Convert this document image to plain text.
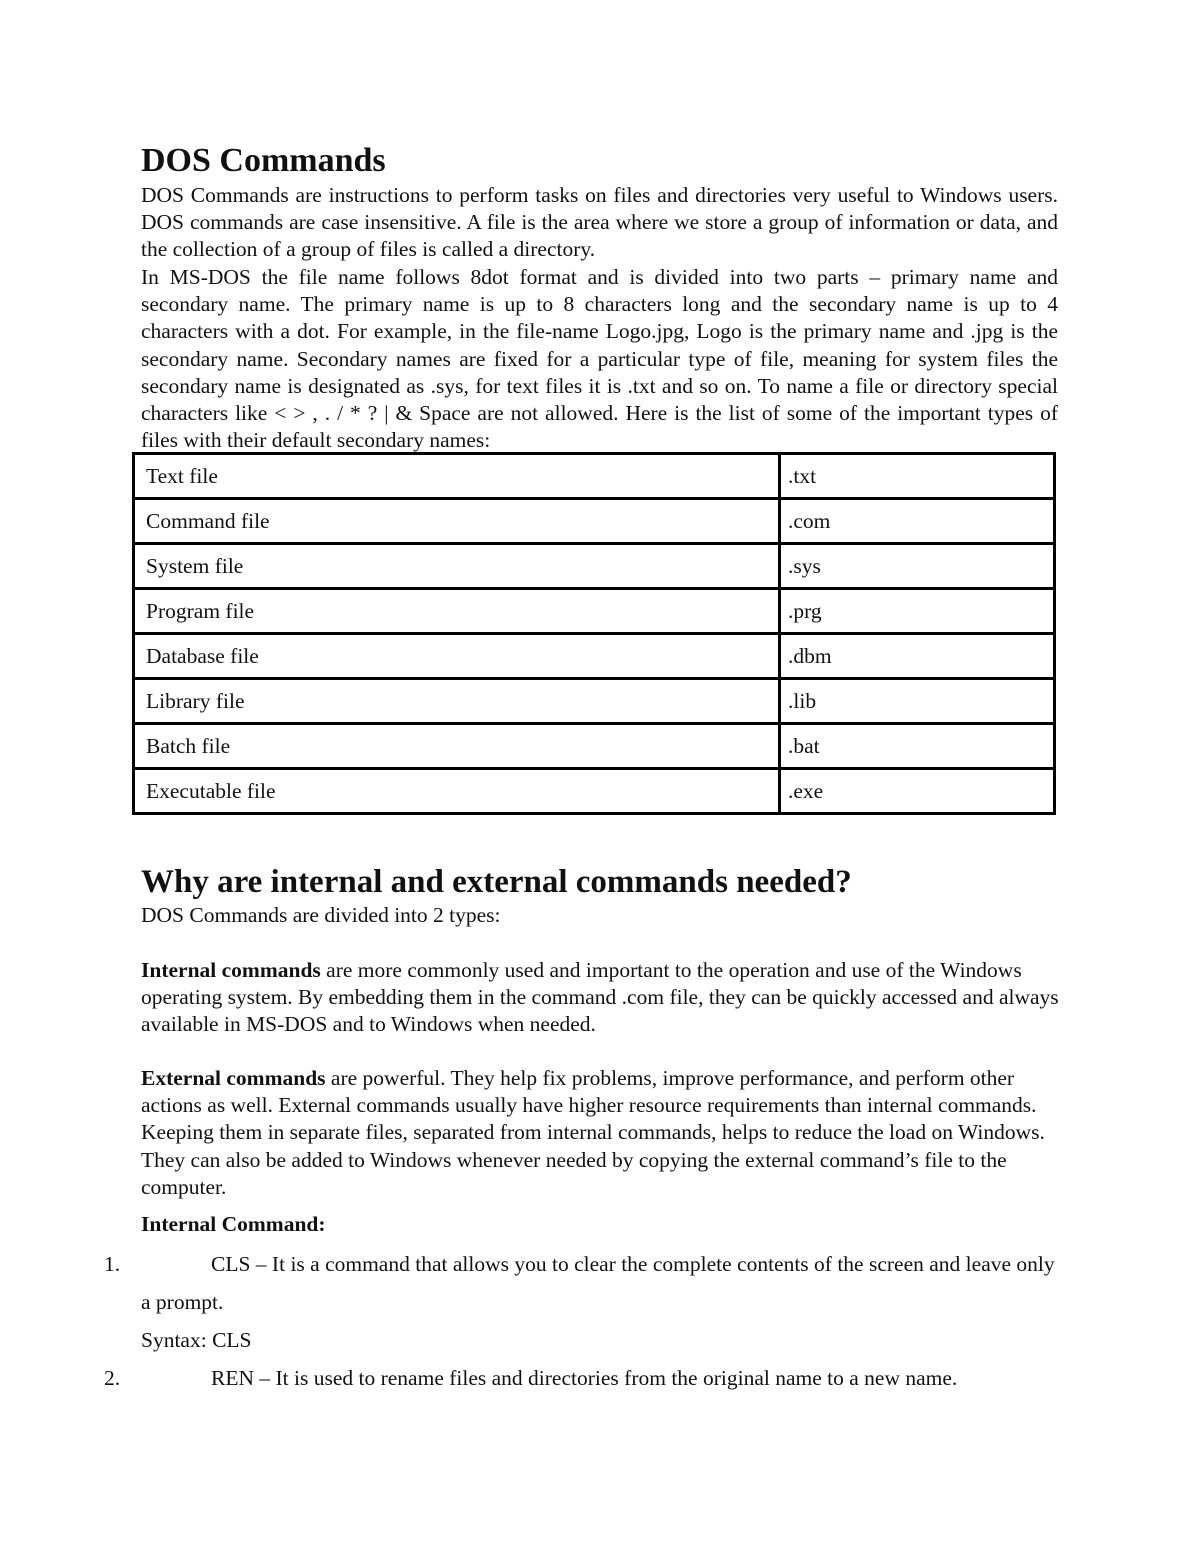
DOS Commands

DOS Commands are instructions to perform tasks on files and directories very useful to Windows users. DOS commands are case insensitive. A file is the area where we store a group of information or data, and the collection of a group of files is called a directory.

In MS-DOS the file name follows 8dot format and is divided into two parts – primary name and secondary name. The primary name is up to 8 characters long and the secondary name is up to 4 characters with a dot. For example, in the file-name Logo.jpg, Logo is the primary name and .jpg is the secondary name. Secondary names are fixed for a particular type of file, meaning for system files the secondary name is designated as .sys, for text files it is .txt and so on. To name a file or directory special characters like < > , . / * ? | & Space are not allowed. Here is the list of some of the important types of files with their default secondary names:

Text file	.txt
Command file	.com
System file	.sys
Program file	.prg
Database file	.dbm
Library file	.lib
Batch file	.bat
Executable file	.exe
Why are internal and external commands needed?

DOS Commands are divided into 2 types:

Internal commands are more commonly used and important to the operation and use of the Windows operating system. By embedding them in the command .com file, they can be quickly accessed and always available in MS-DOS and to Windows when needed.

External commands are powerful. They help fix problems, improve performance, and perform other actions as well. External commands usually have higher resource requirements than internal commands. Keeping them in separate files, separated from internal commands, helps to reduce the load on Windows. They can also be added to Windows whenever needed by copying the external command’s file to the computer.

Internal Command:

1.	CLS – It is a command that allows you to clear the complete contents of the screen and leave only a prompt.

Syntax: CLS

2.	REN – It is used to rename files and directories from the original name to a new name.
